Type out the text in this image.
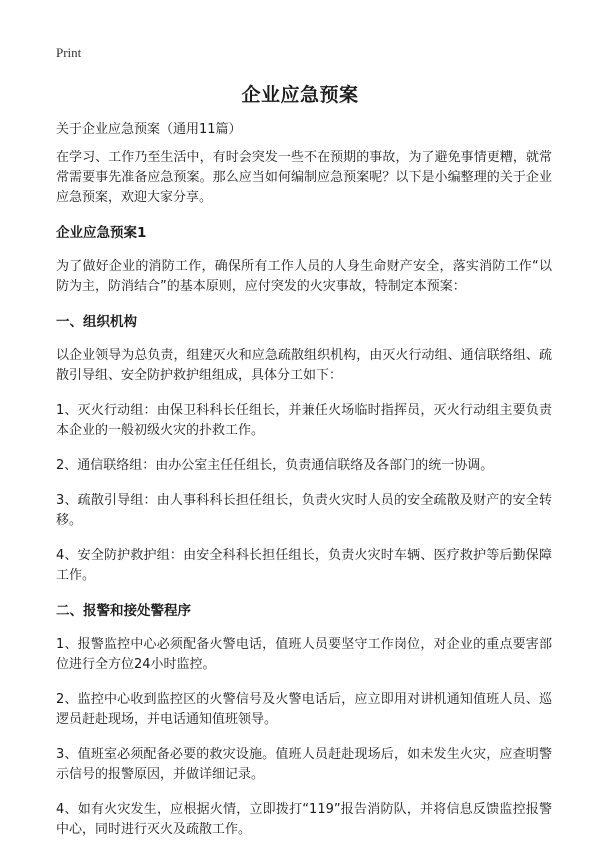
Print
企业应急预案

关于企业应急预案（通用11篇）

在学习、工作乃至生活中，有时会突发一些不在预期的事故，为了避免事情更糟，就常常需要事先准备应急预案。那么应当如何编制应急预案呢？以下是小编整理的关于企业应急预案，欢迎大家分享。

企业应急预案1

为了做好企业的消防工作，确保所有工作人员的人身生命财产安全，落实消防工作“以防为主，防消结合”的基本原则，应付突发的火灾事故，特制定本预案：

一、组织机构

以企业领导为总负责，组建灭火和应急疏散组织机构，由灭火行动组、通信联络组、疏散引导组、安全防护救护组组成，具体分工如下：

1、灭火行动组：由保卫科科长任组长，并兼任火场临时指挥员，灭火行动组主要负责本企业的一般初级火灾的扑救工作。

2、通信联络组：由办公室主任任组长，负责通信联络及各部门的统一协调。

3、疏散引导组：由人事科科长担任组长，负责火灾时人员的安全疏散及财产的安全转移。

4、安全防护救护组：由安全科科长担任组长，负责火灾时车辆、医疗救护等后勤保障工作。

二、报警和接处警程序

1、报警监控中心必须配备火警电话，值班人员要坚守工作岗位，对企业的重点要害部位进行全方位24小时监控。

2、监控中心收到监控区的火警信号及火警电话后，应立即用对讲机通知值班人员、巡逻员赶赴现场，并电话通知值班领导。

3、值班室必须配备必要的救灾设施。值班人员赶赴现场后，如未发生火灾，应查明警示信号的报警原因，并做详细记录。

4、如有火灾发生，应根据火情，立即拨打“119”报告消防队，并将信息反馈监控报警中心，同时进行灭火及疏散工作。
